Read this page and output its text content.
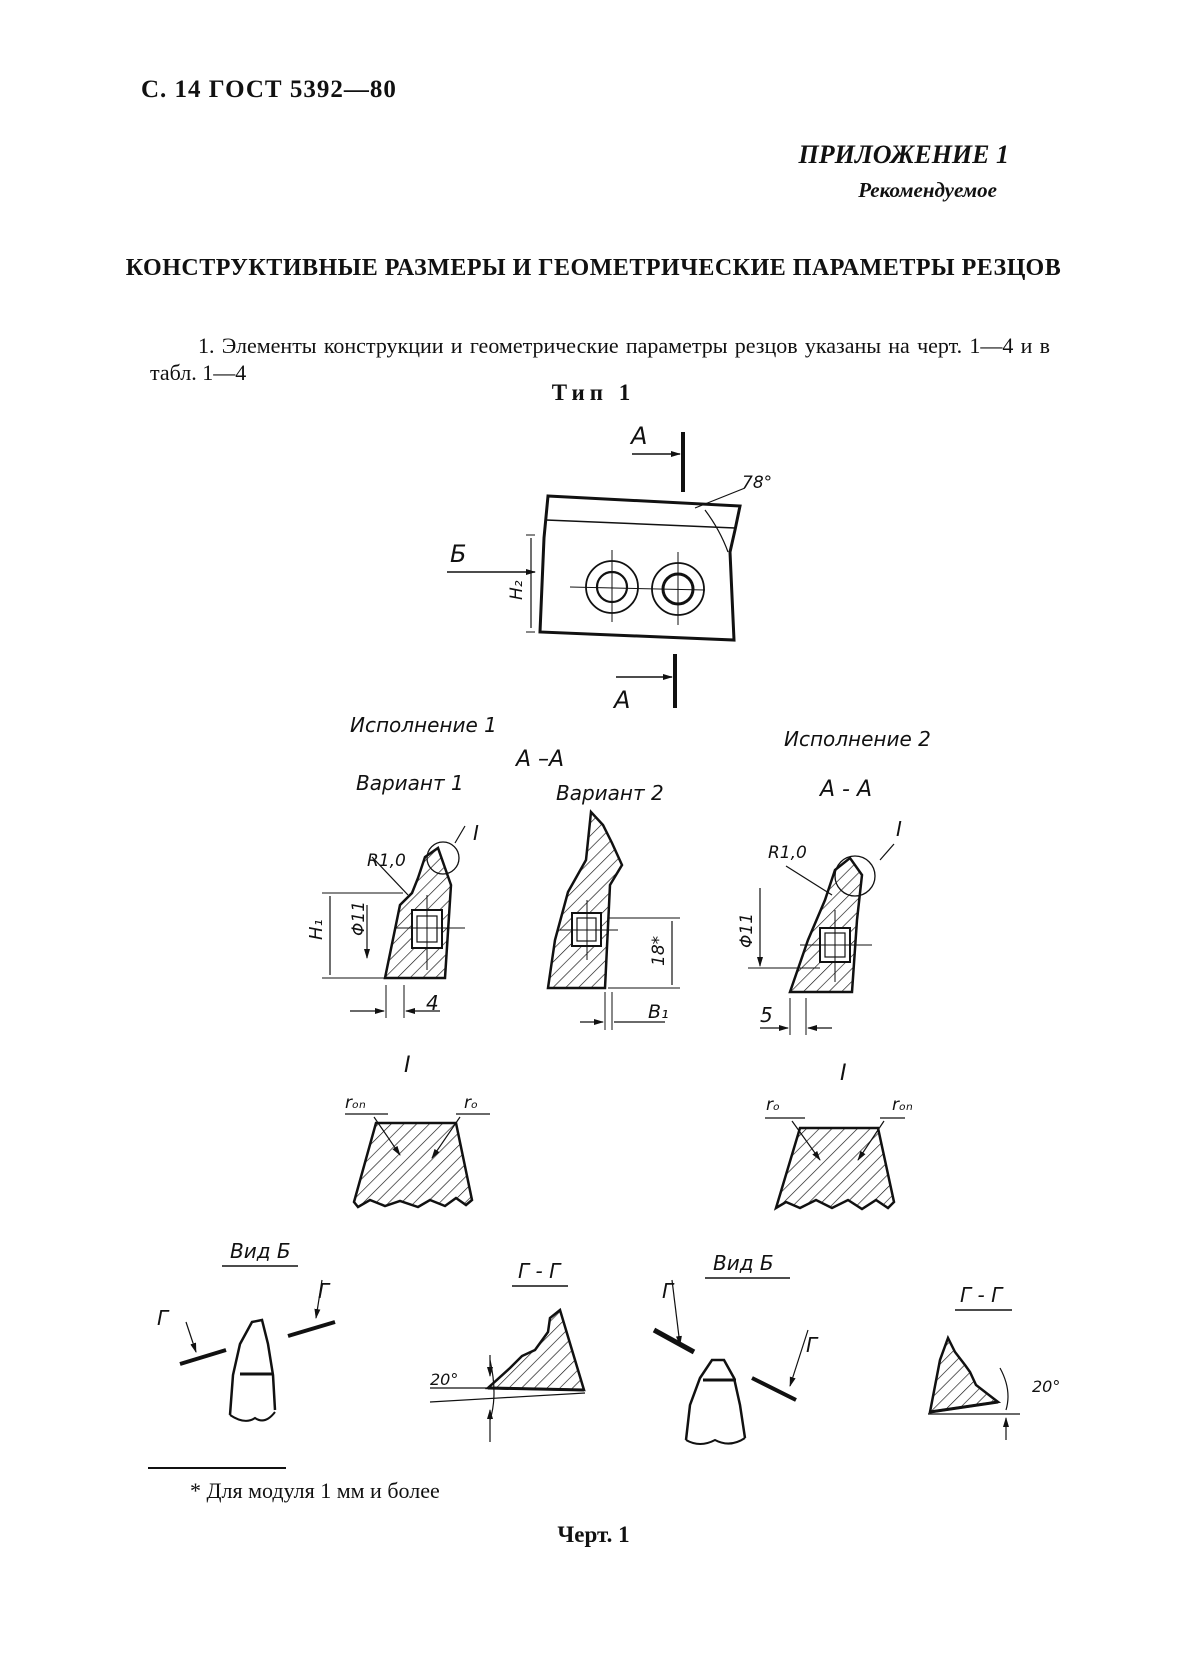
С. 14 ГОСТ 5392—80
ПРИЛОЖЕНИЕ 1
Рекомендуемое
КОНСТРУКТИВНЫЕ РАЗМЕРЫ И ГЕОМЕТРИЧЕСКИЕ ПАРАМЕТРЫ РЕЗЦОВ
1. Элементы конструкции и геометрические параметры резцов указаны на черт. 1—4 и в табл. 1—4
Тип 1
А
А
Б
78°
H₂
Исполнение 1
Исполнение 2
А –А
А - А
Вариант 1	Вариант 2
R1,0
I
H₁ Φ11
4
18*
B₁
R1,0
I
Φ11
5
I
rₒₙ	rₒ
I
rₒ	rₒₙ
Вид Б
Г
Г
Г - Г
20°
Вид Б
Г
Г
Г - Г
20°
* Для модуля 1 мм и более
Черт. 1
